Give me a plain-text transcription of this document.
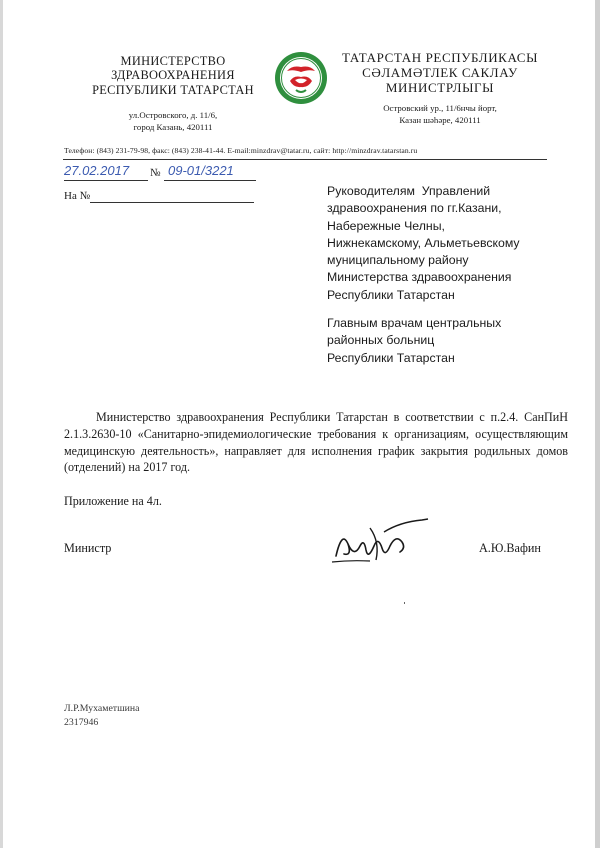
МИНИСТЕРСТВО
ЗДРАВООХРАНЕНИЯ
РЕСПУБЛИКИ ТАТАРСТАН
ул.Островского, д. 11/6,
город Казань, 420111
ТАТАРСТАН РЕСПУБЛИКАСЫ
СӘЛАМӘТЛЕК САКЛАУ
МИНИСТРЛЫГЫ
Островский ур., 11/6нчы йорт,
Казан шәһәре, 420111
Телефон: (843) 231-79-98, факс: (843) 238-41-44. E-mail:minzdrav@tatar.ru, сайт: http://minzdrav.tatarstan.ru
27.02.2017 № 09-01/3221
На №	Руководителям  Управлений
здравоохранения по гг.Казани,
Набережные Челны,
Нижнекамскому, Альметьевскому
муниципальному району
Министерства здравоохранения
Республики Татарстан
Главным врачам центральных
районных больниц
Республики Татарстан
Министерство здравоохранения Республики Татарстан в соответствии с п.2.4. СанПиН 2.1.3.2630-10 «Санитарно-эпидемиологические требования к организациям, осуществляющим медицинскую деятельность», направляет для исполнения график закрытия родильных домов (отделений) на 2017 год.
Приложение на 4л.
Министр	А.Ю.Вафин
Л.Р.Мухаметшина
2317946
